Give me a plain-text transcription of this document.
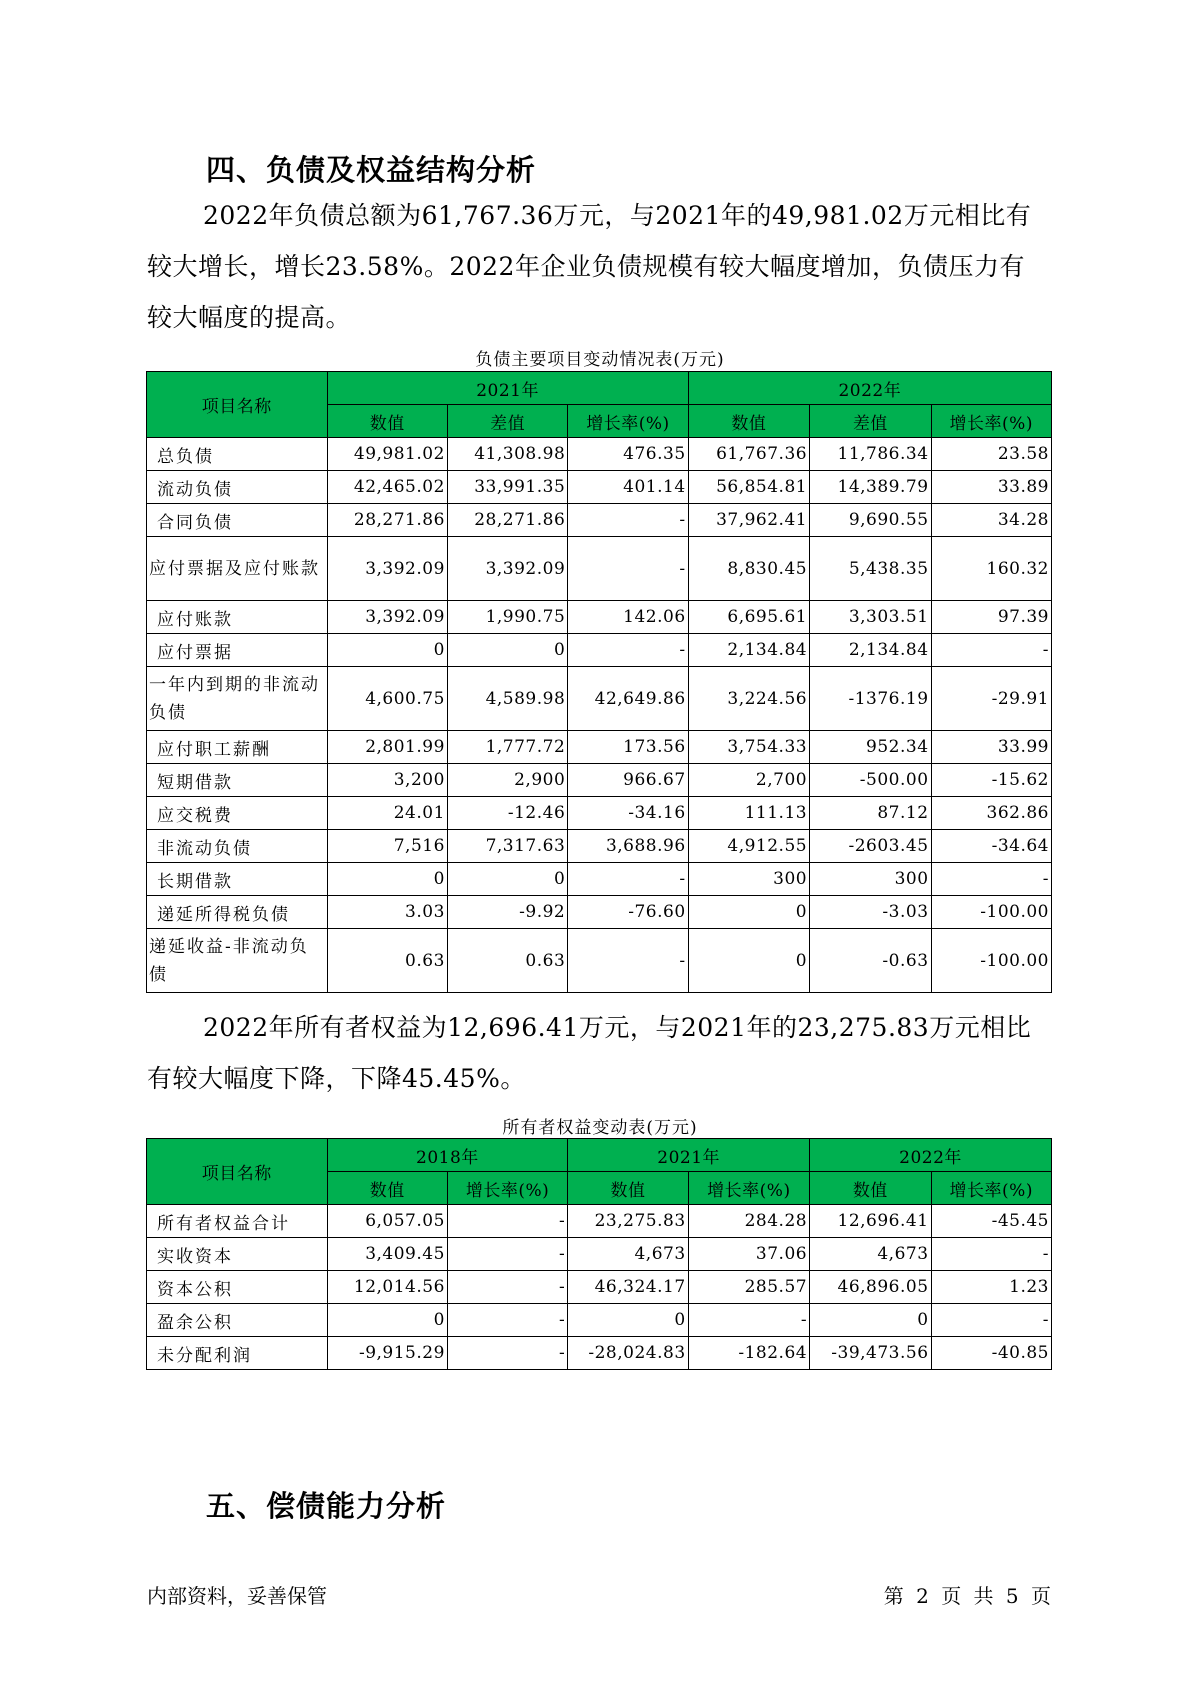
四、负债及权益结构分析

2022年负债总额为61,767.36万元，与2021年的49,981.02万元相比有较大增长，增长23.58%。2022年企业负债规模有较大幅度增加，负债压力有较大幅度的提高。

负债主要项目变动情况表(万元)
项目名称	2021年			2022年		
	数值	差值	增长率(%)	数值	差值	增长率(%)
总负债	49,981.02	41,308.98	476.35	61,767.36	11,786.34	23.58
流动负债	42,465.02	33,991.35	401.14	56,854.81	14,389.79	33.89
合同负债	28,271.86	28,271.86	-	37,962.41	9,690.55	34.28
应付票据及应付账款	3,392.09	3,392.09	-	8,830.45	5,438.35	160.32
应付账款	3,392.09	1,990.75	142.06	6,695.61	3,303.51	97.39
应付票据	0	0	-	2,134.84	2,134.84	-
一年内到期的非流动负债	4,600.75	4,589.98	42,649.86	3,224.56	-1376.19	-29.91
应付职工薪酬	2,801.99	1,777.72	173.56	3,754.33	952.34	33.99
短期借款	3,200	2,900	966.67	2,700	-500.00	-15.62
应交税费	24.01	-12.46	-34.16	111.13	87.12	362.86
非流动负债	7,516	7,317.63	3,688.96	4,912.55	-2603.45	-34.64
长期借款	0	0	-	300	300	-
递延所得税负债	3.03	-9.92	-76.60	0	-3.03	-100.00
递延收益-非流动负债	0.63	0.63	-	0	-0.63	-100.00

2022年所有者权益为12,696.41万元，与2021年的23,275.83万元相比有较大幅度下降，下降45.45%。

所有者权益变动表(万元)
项目名称	2018年		2021年		2022年	
	数值	增长率(%)	数值	增长率(%)	数值	增长率(%)
所有者权益合计	6,057.05	-	23,275.83	284.28	12,696.41	-45.45
实收资本	3,409.45	-	4,673	37.06	4,673	-
资本公积	12,014.56	-	46,324.17	285.57	46,896.05	1.23
盈余公积	0	-	0	-	0	-
未分配利润	-9,915.29	-	-28,024.83	-182.64	-39,473.56	-40.85
五、偿债能力分析
内部资料，妥善保管	第 2 页 共 5 页
